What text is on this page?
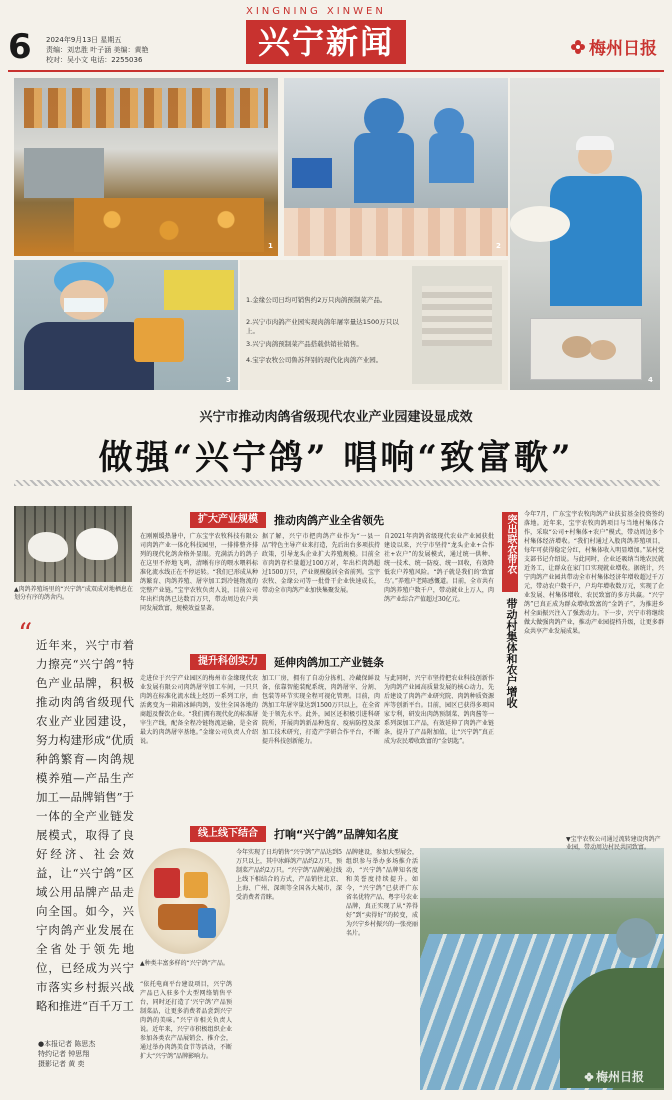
6 2024年9月13日 星期五
责编：刘忠胜 叶子涵 美编：黄艳
校对：吴小文 电话：2255036
XINGNING XINWEN
兴宁新闻	梅州日报
1.金缘公司日均可销售约2万只肉鸽预制菜产品。
2.兴宁市肉鸽产业园实现肉鸽年屠宰量达1500万只以上。
3.兴宁肉鸽预制菜产品搭载供销社销售。
4.宝宇农牧公司鲁苏拜别的现代化肉鸽产业园。
1	2
3	4
兴宁市推动肉鸽省级现代农业产业园建设显成效
做强“兴宁鸽” 唱响“致富歌”
▲肉鸽养殖场里的“兴宁鸽”成双成对地栖息在划分有序的鸽舍内。
“ 近年来，兴宁市着力擦亮“兴宁鸽”特色产业品牌，积极推动肉鸽省级现代农业产业园建设，努力构建形成“优质种鸽繁育—肉鸽规模养殖—产品生产加工—品牌销售”于一体的全产业链发展模式，取得了良好经济、社会效益，让“兴宁鸽”区域公用品牌产品走向全国。如今，兴宁肉鸽产业发展在全省处于领先地位，已经成为兴宁市落实乡村振兴战略和推进“百千万工
●本报记者 陈思杰
特约记者 钟思翔
摄影记者 黄 奕
扩大产业规模	推动肉鸽产业全省领先
在刚刚缓热暑中，广东宝宇农牧科技有限公司肉鸽产业一体化科技园里，一排排整齐排列的现代化鸽舍格外显眼。充满活力的鸽子在这里不停地飞鸣，清晰有序的喂水喂料标准化流水线正在不停运转。“我们已形成从种鸽繁育、肉鸽养殖、屠宰加工到冷链物流的完整产业链。”宝宇农牧负责人说，目前公司年出栏肉鸽已达数百万只，带动周边农户共同发展致富，规模效益显著。
据了解，兴宁市把肉鸽产业作为“一县一品”特色主导产业来打造，先后出台多项扶持政策，引导龙头企业扩大养殖规模。目前全市肉鸽存栏量超过100万对，年出栏肉鸽超过1500万只，产业规模稳居全省前列。宝宇农牧、金缘公司等一批骨干企业快速成长，带动全市肉鸽产业加快集聚发展。
自2021年肉鸽省级现代农业产业园获批建设以来，兴宁市坚持“龙头企业+合作社+农户”的发展模式，通过统一供种、统一技术、统一防疫、统一回收，有效降低农户养殖风险。“鸽子就是我们的‘致富鸟’。”养殖户老陈感慨道。目前，全市共有肉鸽养殖户数千户，带动就业上万人，肉鸽产业综合产值超过30亿元。
提升科创实力	延伸肉鸽加工产业链条
走进位于兴宁产业园区的梅州市金缘现代农业发展有限公司肉鸽屠宰加工车间，一只只肉鸽在标准化流水线上经历一系列工序，由活禽变为一箱箱冰鲜肉鸽，发往全国各地的商超及餐饮企业。“我们拥有现代化的标准屠宰生产线，配备全程冷链物流运输，是全省最大的肉鸽屠宰基地。”金缘公司负责人介绍说。
加工厂房，拥有了自动分拣机、冷藏保鲜设备，依靠智能装配系统，肉鸽屠宰、分割、包装等环节实现全程可视化管理。目前，肉鸽加工年屠宰量达到1500万只以上，在全省处于领先水平。此外，园区还积极引进科研院所，开展肉鸽新品种选育、疫病防控及深加工技术研究，打造产学研合作平台，不断提升科技创新能力。
与此同时，兴宁市坚持把农业科技创新作为肉鸽产业园高质量发展的核心动力，先后建设了肉鸽产业研究院、肉鸽种质资源库等创新平台。目前，园区已获得多项国家专利，研发出肉鸽预制菜、鸽肉酱等一系列深加工产品，有效延伸了肉鸽产业链条，提升了产品附加值，让“兴宁鸽”真正成为农民增收致富的“金钥匙”。
线上线下结合	打响“兴宁鸽”品牌知名度
▲种类丰富多样的“兴宁鸽”产品。
今年实现了日均销售“兴宁鸽”产品达到5万只以上，其中冰鲜鸽产品约2万只，预制菜产品约2万只。“兴宁鸽”品牌通过线上线下相结合的方式，产品销往北京、上海、广州、深圳等全国各大城市，深受消费者青睐。
“依托电商平台建设项目，兴宁鸽产品已入驻多个大型网络销售平台，同时还打造了‘兴宁鸽’产品预制菜品，让更多消费者品尝到兴宁肉鸽的美味。”兴宁市相关负责人说。近年来，兴宁市积极组织企业参加各类农产品展销会、推介会，通过举办肉鸽美食节等活动，不断扩大“兴宁鸽”品牌影响力。
品牌建设，参加大型展会，组织参与举办多场推介活动，“兴宁鸽”品牌知名度和美誉度持续提升。如今，“兴宁鸽”已获评广东省名优特产品、粤字号农业品牌，真正实现了从“养得好”到“卖得好”的转变，成为兴宁乡村振兴的一张亮丽名片。
突出联农带农
带动村集体和农户增收
今年7月，广东宝宇农牧肉鸽产业扶贫基金投资签约落地。近年来，宝宇农牧肉鸽项目与当地村集体合作，采取“公司+村集体+农户”模式，带动周边多个村集体经济增收。“我们村通过入股肉鸽养殖项目，每年可获得稳定分红，村集体收入明显增加。”某村党支部书记介绍说。与此同时，企业还吸纳当地农民就近务工，让群众在家门口实现就业增收。据统计，兴宁肉鸽产业园共带动全市村集体经济年增收超过千万元，带动农户数千户，户均年增收数万元，实现了企业发展、村集体增收、农民致富的多方共赢。“兴宁鸽”已真正成为群众增收致富的“金鸽子”，为推进乡村全面振兴注入了强劲动力。下一步，兴宁市将继续做大做强肉鸽产业，推动产业园提档升级，让更多群众共享产业发展成果。
▼宝宇农牧公司通过流转建设肉鸽产业园，带动周边村民共同致富。
梅州日报
